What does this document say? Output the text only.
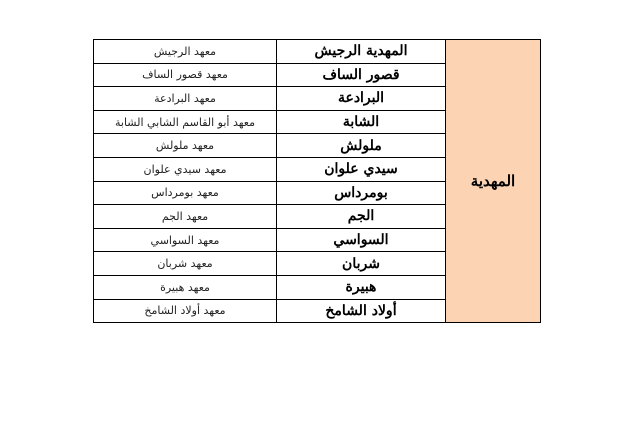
المهدية	المهدية الرجيش	معهد الرجيش
	قصور الساف	معهد قصور الساف
	البرادعة	معهد البرادعة
	الشابة	معهد أبو القاسم الشابي الشابة
	ملولش	معهد ملولش
	سيدي علوان	معهد سيدي علوان
	بومرداس	معهد بومرداس
	الجم	معهد الجم
	السواسي	معهد السواسي
	شربان	معهد شربان
	هبيرة	معهد هبيرة
	أولاد الشامخ	معهد أولاد الشامخ
